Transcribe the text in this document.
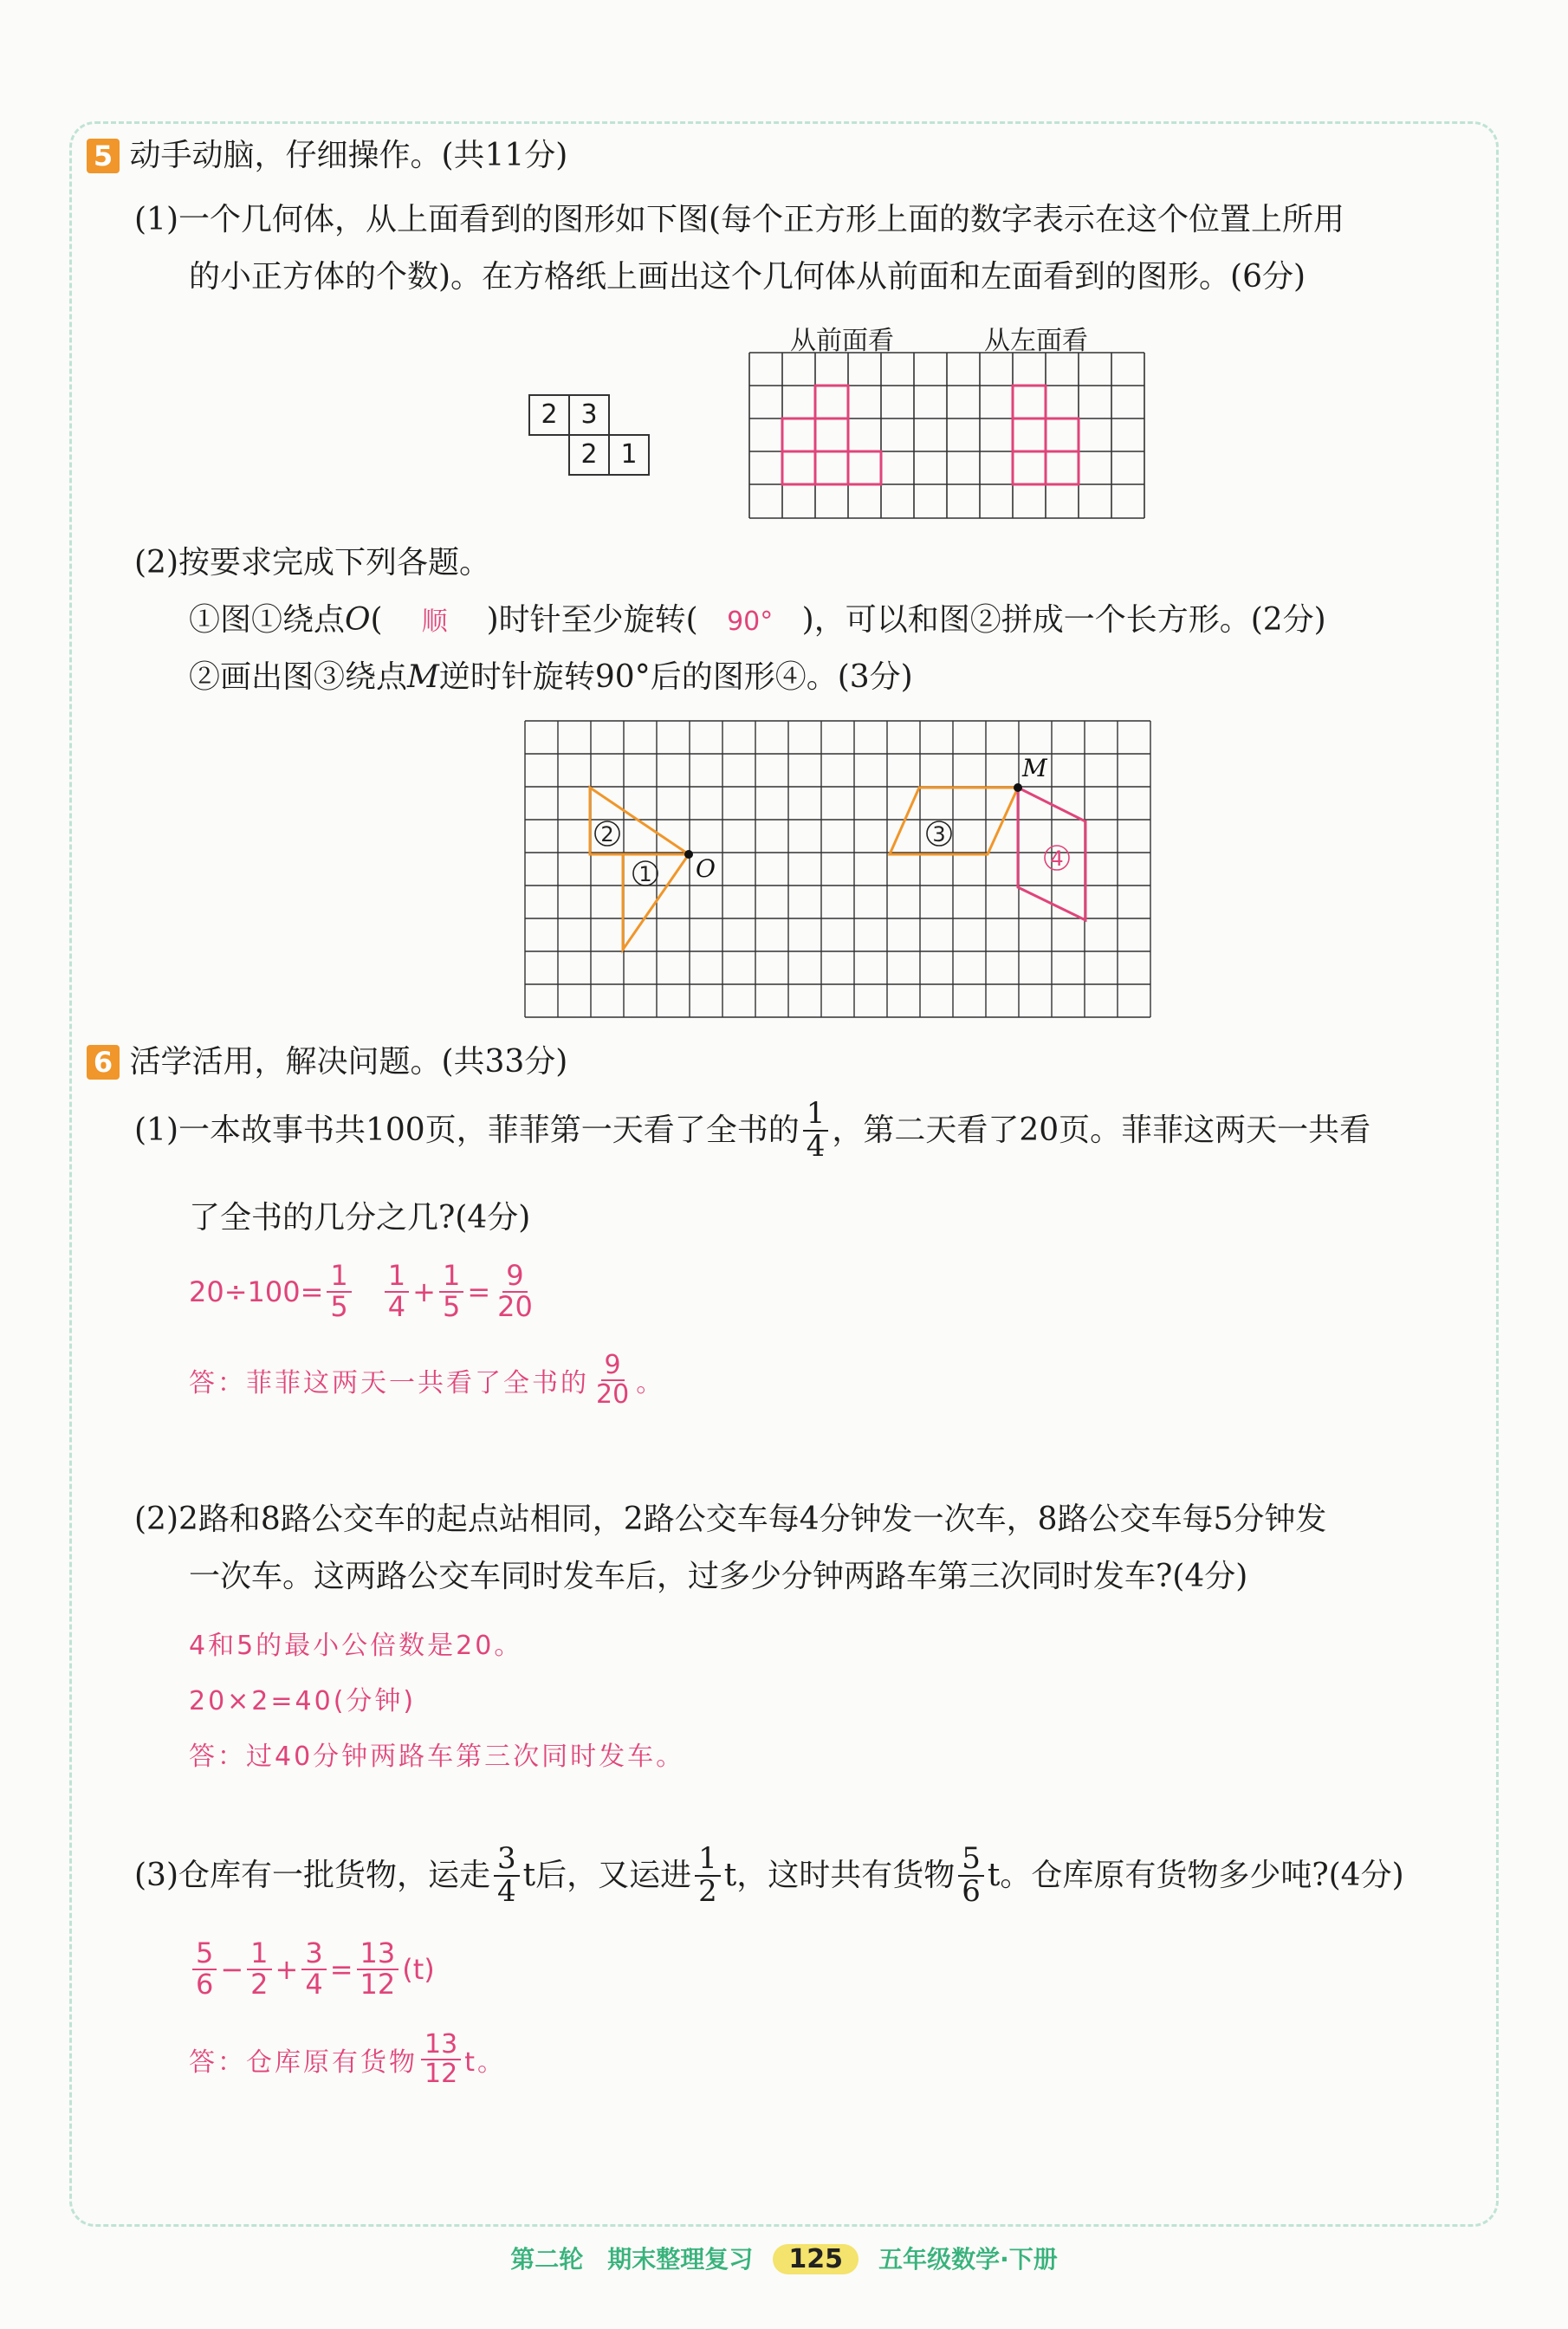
5 动手动脑，仔细操作。(共11分)
(1)一个几何体，从上面看到的图形如下图(每个正方形上面的数字表示在这个位置上所用
的小正方体的个数)。在方格纸上画出这个几何体从前面和左面看到的图形。(6分)
2 3
2 1
从前面看	从左面看
(2)按要求完成下列各题。
①图①绕点O( 顺 )时针至少旋转( 90° )，可以和图②拼成一个长方形。(2分)
②画出图③绕点M逆时针旋转90°后的图形④。(3分)
2
1
3
4
O
M
6 活学活用，解决问题。(共33分)
(1)一本故事书共100页，菲菲第一天看了全书的 $\frac{1}{4}$ ，第二天看了20页。菲菲这两天一共看
了全书的几分之几?(4分)
$20\div 100= \frac{1}{5} \frac{1}{4} + \frac{1}{5} = \frac{9}{20}$
答：菲菲这两天一共看了全书的 $\frac{9}{20}$ 。
(2)2路和8路公交车的起点站相同，2路公交车每4分钟发一次车，8路公交车每5分钟发
一次车。这两路公交车同时发车后，过多少分钟两路车第三次同时发车?(4分)
4和5的最小公倍数是20。
20×2=40(分钟)
答：过40分钟两路车第三次同时发车。
(3)仓库有一批货物，运走 $\frac{3}{4}$ t后，又运进 $\frac{1}{2}$ t，这时共有货物 $\frac{5}{6}$ t。仓库原有货物多少吨?(4分)
$\frac{5}{6} - \frac{1}{2} + \frac{3}{4} = \frac{13}{12} (t)$
答：仓库原有货物 $\frac{13}{12}$ t。
第二轮　期末整理复习 125 五年级数学·下册
